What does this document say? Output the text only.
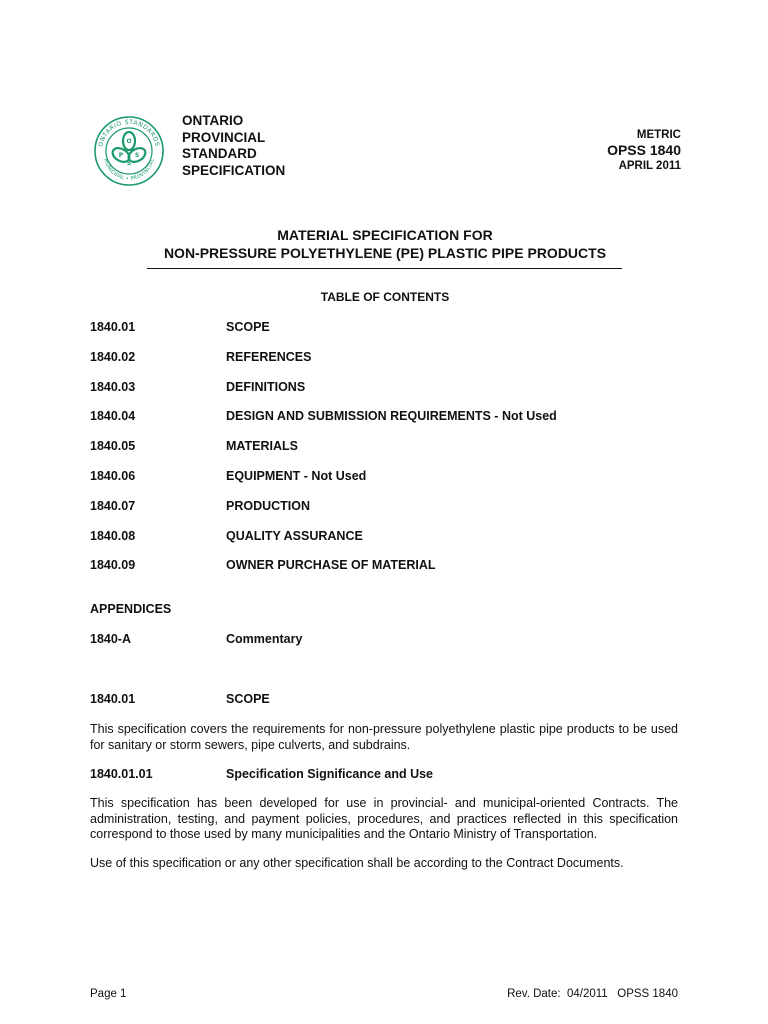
ONTARIO STANDARDS
MUNICIPAL • PROVINCIAL
O
P S
S
ONTARIO
PROVINCIAL
STANDARD
SPECIFICATION
METRIC
OPSS 1840
APRIL 2011
MATERIAL SPECIFICATION FOR
NON-PRESSURE POLYETHYLENE (PE) PLASTIC PIPE PRODUCTS
TABLE OF CONTENTS
1840.01	SCOPE
1840.02	REFERENCES
1840.03	DEFINITIONS
1840.04	DESIGN AND SUBMISSION REQUIREMENTS - Not Used
1840.05	MATERIALS
1840.06	EQUIPMENT - Not Used
1840.07	PRODUCTION
1840.08	QUALITY ASSURANCE
1840.09	OWNER PURCHASE OF MATERIAL
APPENDICES
1840-A	Commentary
1840.01	SCOPE

This specification covers the requirements for non-pressure polyethylene plastic pipe products to be used for sanitary or storm sewers, pipe culverts, and subdrains.

1840.01.01	Specification Significance and Use

This specification has been developed for use in provincial- and municipal-oriented Contracts. The administration, testing, and payment policies, procedures, and practices reflected in this specification correspond to those used by many municipalities and the Ontario Ministry of Transportation.

Use of this specification or any other specification shall be according to the Contract Documents.

Page 1	Rev. Date:  04/2011   OPSS 1840
